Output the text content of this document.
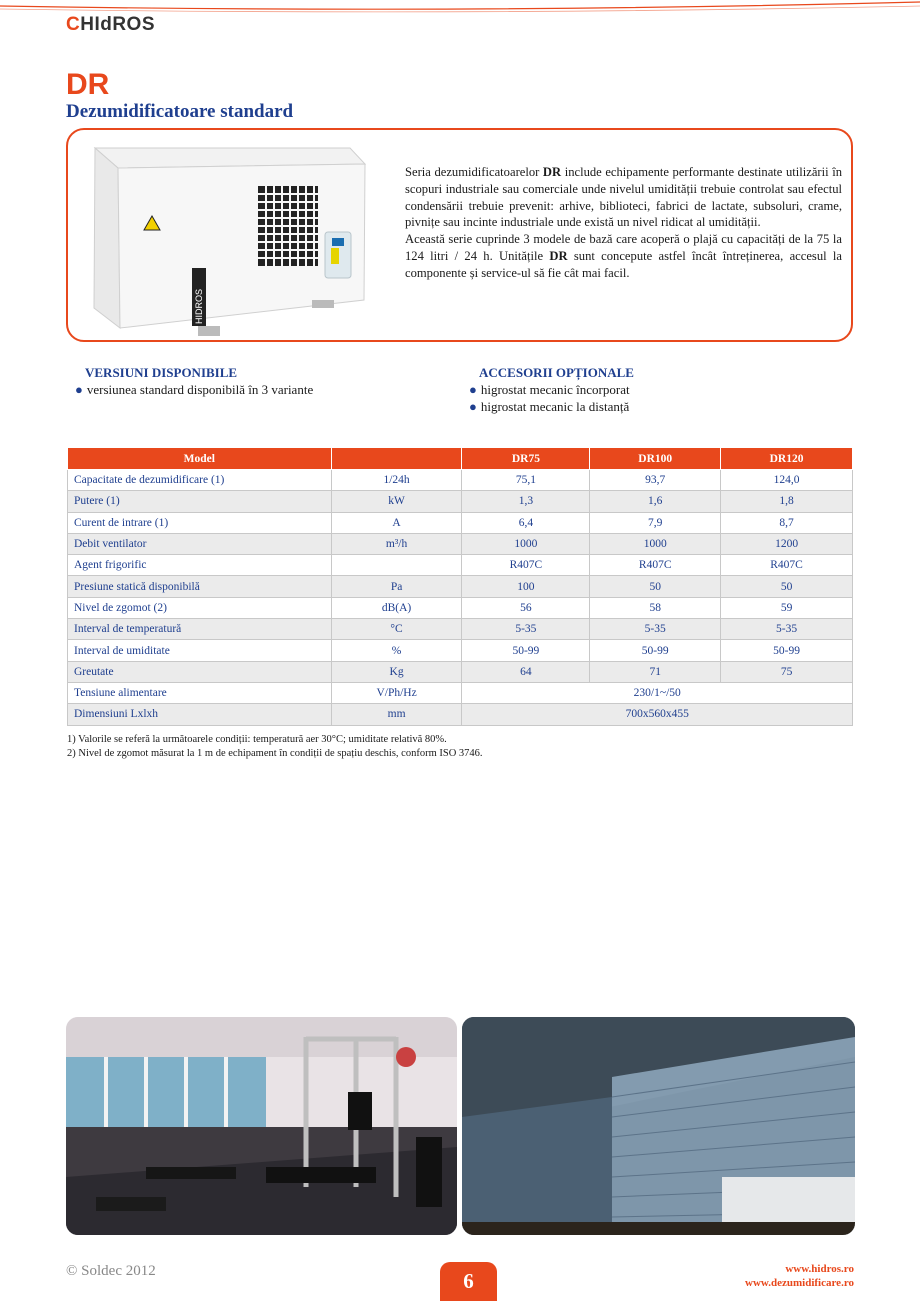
CHIdROS
DR
Dezumidificatoare standard
HIDROS

Seria dezumidificatoarelor DR include echipamente performante destinate utilizării în scopuri industriale sau comerciale unde nivelul umidității trebuie controlat sau efectul condensării trebuie prevenit: arhive, biblioteci, fabrici de lactate, subsoluri, crame, pivnițe sau incinte industriale unde există un nivel ridicat al umidității.
Această serie cuprinde 3 modele de bază care acoperă o plajă cu capacități de la 75 la 124 litri / 24 h. Unitățile DR sunt concepute astfel încât întreținerea, accesul la componente și service-ul să fie cât mai facil.

VERSIUNI DISPONIBILE
● versiunea standard disponibilă în 3 variante
ACCESORII OPȚIONALE
● higrostat mecanic încorporat
● higrostat mecanic la distanță
Model		DR75	DR100	DR120
Capacitate de dezumidificare (1)	1/24h	75,1	93,7	124,0
Putere (1)	kW	1,3	1,6	1,8
Curent de intrare (1)	A	6,4	7,9	8,7
Debit ventilator	m³/h	1000	1000	1200
Agent frigorific		R407C	R407C	R407C
Presiune statică disponibilă	Pa	100	50	50
Nivel de zgomot (2)	dB(A)	56	58	59
Interval de temperatură	°C	5-35	5-35	5-35
Interval de umiditate	%	50-99	50-99	50-99
Greutate	Kg	64	71	75
Tensiune alimentare	V/Ph/Hz	230/1~/50		
Dimensiuni Lxlxh	mm	700x560x455		
1) Valorile se referă la următoarele condiții: temperatură aer 30°C; umiditate relativă 80%.
2) Nivel de zgomot măsurat la 1 m de echipament în condiții de spațiu deschis, conform ISO 3746.
© Soldec 2012	6	www.hidros.ro
www.dezumidificare.ro
